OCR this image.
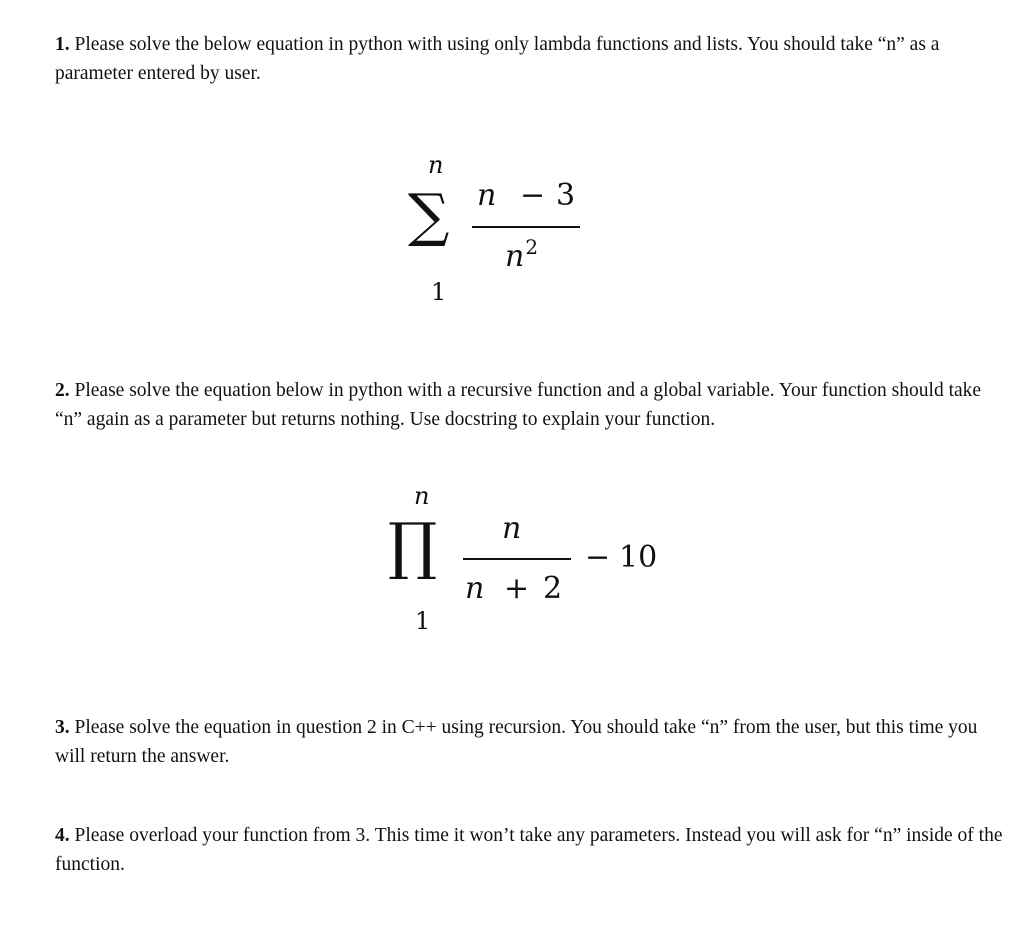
1. Please solve the below equation in python with using only lambda functions and lists. You should take “n” as a parameter entered by user.
n
∑
1
n − 3
$n^2$
2. Please solve the equation below in python with a recursive function and a global variable. Your function should take “n” again as a parameter but returns nothing. Use docstring to explain your function.
n
∏
1
n
n + 2
− 10
3. Please solve the equation in question 2 in C++ using recursion. You should take “n” from the user, but this time you will return the answer.
4. Please overload your function from 3. This time it won’t take any parameters. Instead you will ask for “n” inside of the function.
